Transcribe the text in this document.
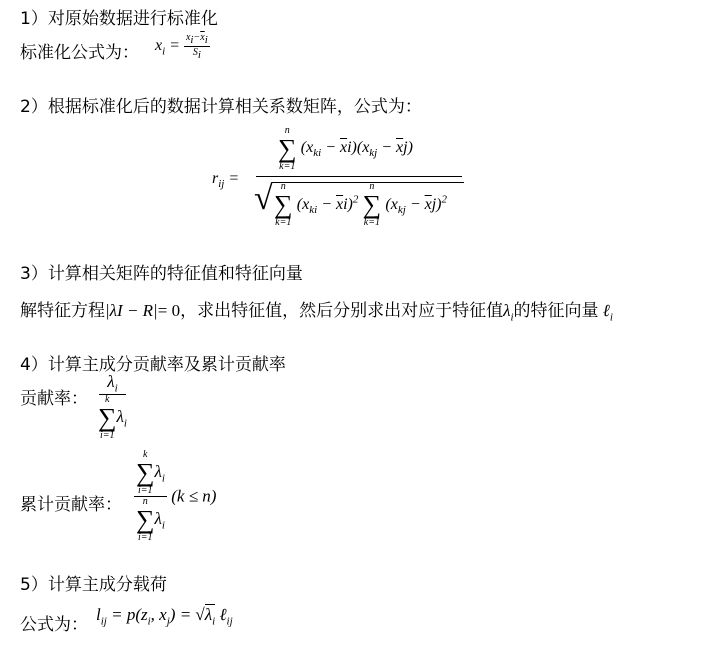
1）对原始数据进行标准化
标准化公式为： $x_i = \frac{x_i-\overline{x}_i}{S_i}$
2）根据标准化后的数据计算相关系数矩阵，公式为：
$r_{ij}$ =
n
∑
k=1
$(x_{ki} - \overline{x}i)(x_{kj} - \overline{x}j)$
√ n
∑
k=1
$(x_{ki} - \overline{x}i)^2$
n
∑
k=1
$(x_{kj} - \overline{x}j)^2$
3）计算相关矩阵的特征值和特征向量
解特征方程|λI − R|= 0，求出特征值，然后分别求出对应于特征值$\lambda_i$的特征向量 ℓ$_i$
4）计算主成分贡献率及累计贡献率
贡献率： $\lambda_i$
k
∑
i=1
$\lambda_i$
累计贡献率： k
∑
i=1
$\lambda_i$
n
∑
i=1
$\lambda_i$ (k ≤ n)
5）计算主成分载荷
公式为：
$l_{ij} = p(z_i$, $x_j) = √\lambda_i$ ℓ$_{ij}$
